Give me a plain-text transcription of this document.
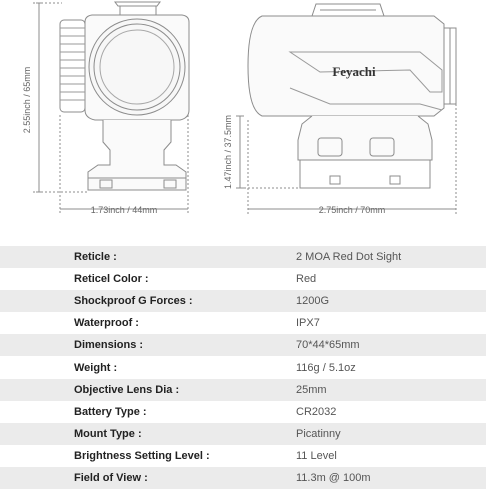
Feyachi
2.55inch / 65mm
1.73inch / 44mm
1.47inch / 37.5mm
2.75inch / 70mm
Reticle :	2 MOA Red Dot Sight
Reticel Color :	Red
Shockproof G Forces :	1200G
Waterproof :	IPX7
Dimensions :	70*44*65mm
Weight :	116g / 5.1oz
Objective Lens Dia :	25mm
Battery Type :	CR2032
Mount Type :	Picatinny
Brightness Setting Level :	11 Level
Field of View :	11.3m @ 100m
